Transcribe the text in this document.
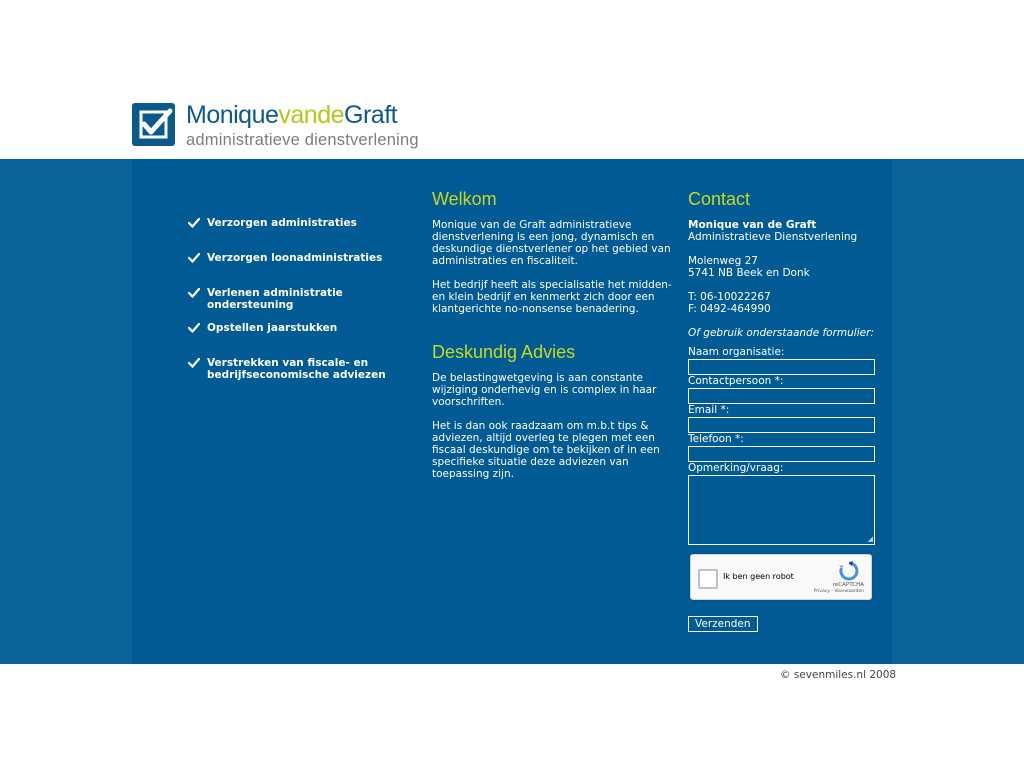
MoniquevandeGraft
administratieve dienstverlening
Verzorgen administraties
Verzorgen loonadministraties
Verlenen administratie ondersteuning
Opstellen jaarstukken
Verstrekken van fiscale- en bedrijfseconomische adviezen
Welkom

Monique van de Graft administratieve dienstverlening is een jong, dynamisch en deskundige dienstverlener op het gebied van administraties en fiscaliteit.

Het bedrijf heeft als specialisatie het midden- en klein bedrijf en kenmerkt zich door een klantgerichte no-nonsense benadering.

Deskundig Advies

De belastingwetgeving is aan constante wijziging onderhevig en is complex in haar voorschriften.

Het is dan ook raadzaam om m.b.t tips & adviezen, altijd overleg te plegen met een fiscaal deskundige om te bekijken of in een specifieke situatie deze adviezen van toepassing zijn.

Contact
Monique van de Graft
Administratieve Dienstverlening
Molenweg 27
5741 NB Beek en Donk
T: 06-10022267
F: 0492-464990
Of gebruik onderstaande formulier:
Naam organisatie:
Contactpersoon *:
Email *:
Telefoon *:
Opmerking/vraag:
◢
Ik ben geen robot
reCAPTCHA
Privacy - Voorwaarden
Verzenden
© sevenmiles.nl 2008
